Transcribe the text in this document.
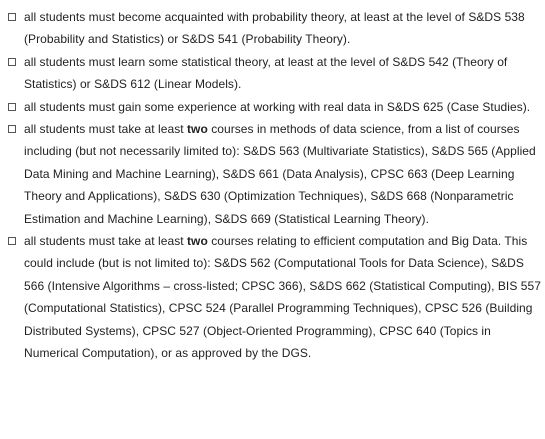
all students must become acquainted with probability theory, at least at the level of S&DS 538 (Probability and Statistics) or S&DS 541 (Probability Theory).
all students must learn some statistical theory, at least at the level of S&DS 542 (Theory of Statistics) or S&DS 612 (Linear Models).
all students must gain some experience at working with real data in S&DS 625 (Case Studies).
all students must take at least two courses in methods of data science, from a list of courses including (but not necessarily limited to): S&DS 563 (Multivariate Statistics), S&DS 565 (Applied Data Mining and Machine Learning), S&DS 661 (Data Analysis), CPSC 663 (Deep Learning Theory and Applications), S&DS 630 (Optimization Techniques), S&DS 668 (Nonparametric Estimation and Machine Learning), S&DS 669 (Statistical Learning Theory).
all students must take at least two courses relating to efficient computation and Big Data. This could include (but is not limited to): S&DS 562 (Computational Tools for Data Science), S&DS 566 (Intensive Algorithms – cross-listed; CPSC 366), S&DS 662 (Statistical Computing), BIS 557 (Computational Statistics), CPSC 524 (Parallel Programming Techniques), CPSC 526 (Building Distributed Systems), CPSC 527 (Object-Oriented Programming), CPSC 640 (Topics in Numerical Computation), or as approved by the DGS.
